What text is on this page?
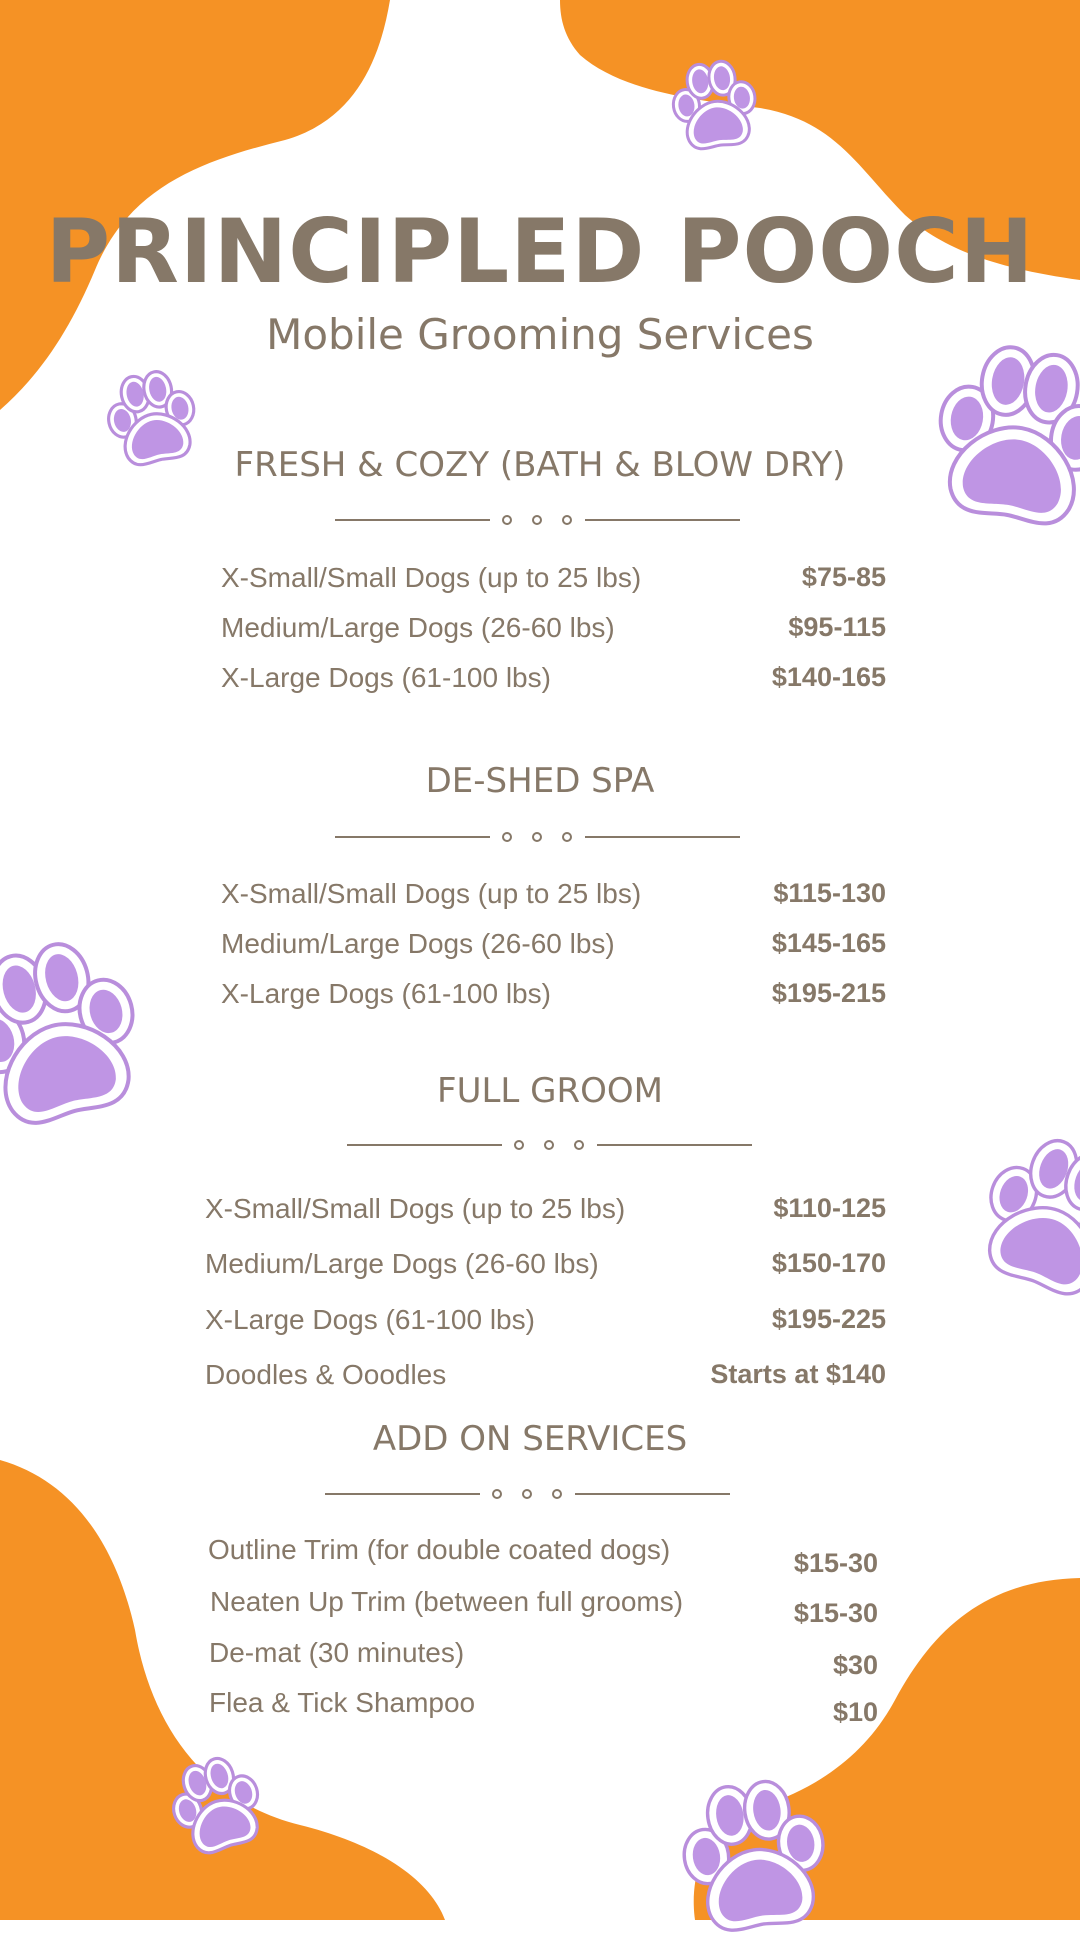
PRINCIPLED POOCH
Mobile Grooming Services
FRESH & COZY (BATH & BLOW DRY)
X-Small/Small Dogs (up to 25 lbs)	$75-85
Medium/Large Dogs (26-60 lbs)	$95-115
X-Large Dogs (61-100 lbs)	$140-165
DE-SHED SPA
X-Small/Small Dogs (up to 25 lbs)	$115-130
Medium/Large Dogs (26-60 lbs)	$145-165
X-Large Dogs (61-100 lbs)	$195-215
FULL GROOM
X-Small/Small Dogs (up to 25 lbs)	$110-125
Medium/Large Dogs (26-60 lbs)	$150-170
X-Large Dogs (61-100 lbs)	$195-225
Doodles & Ooodles	Starts at $140
ADD ON SERVICES
Outline Trim (for double coated dogs)	$15-30
Neaten Up Trim (between full grooms)	$15-30
De-mat (30 minutes)	$30
Flea & Tick Shampoo	$10
